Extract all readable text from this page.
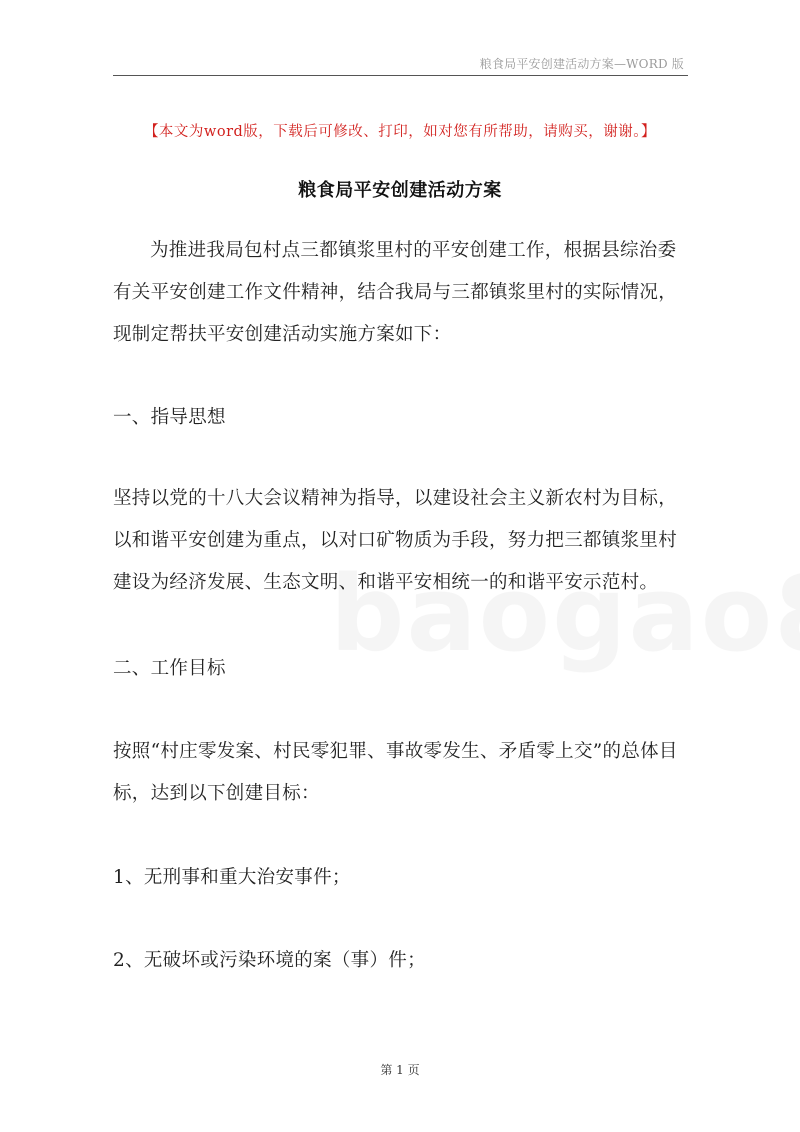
粮食局平安创建活动方案—WORD 版
【本文为word版，下载后可修改、打印，如对您有所帮助，请购买，谢谢。】
粮食局平安创建活动方案
为推进我局包村点三都镇浆里村的平安创建工作，根据县综治委有关平安创建工作文件精神，结合我局与三都镇浆里村的实际情况，现制定帮扶平安创建活动实施方案如下：
一、指导思想
坚持以党的十八大会议精神为指导，以建设社会主义新农村为目标，以和谐平安创建为重点，以对口矿物质为手段，努力把三都镇浆里村建设为经济发展、生态文明、和谐平安相统一的和谐平安示范村。
二、工作目标
按照“村庄零发案、村民零犯罪、事故零发生、矛盾零上交”的总体目标，达到以下创建目标：
1、无刑事和重大治安事件；
2、无破坏或污染环境的案（事）件；
第 1 页
